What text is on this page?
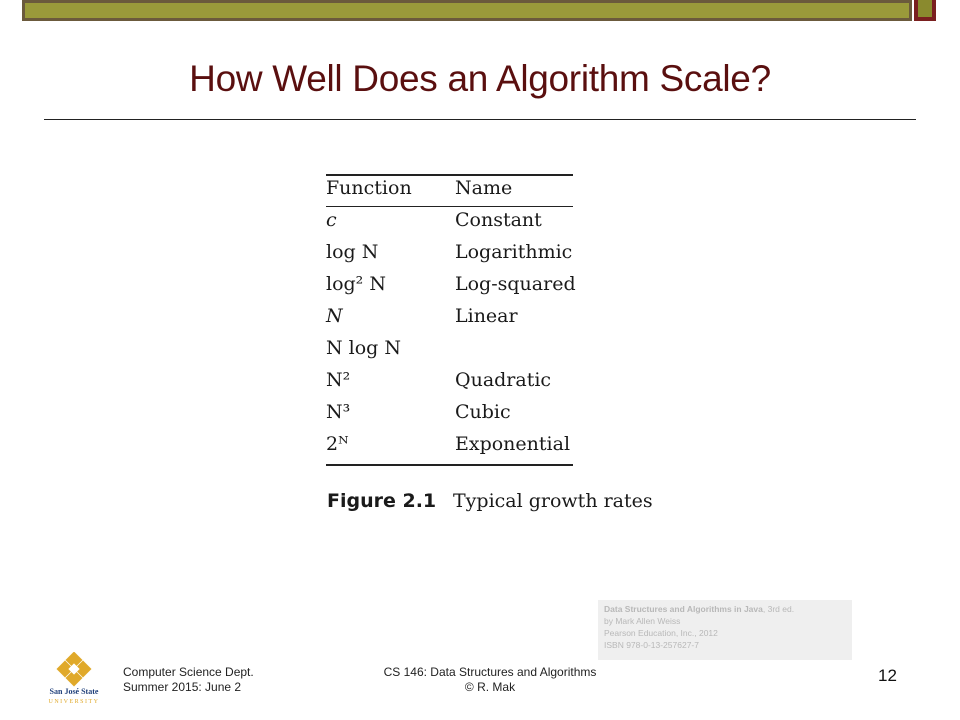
How Well Does an Algorithm Scale?
Function Name
c	Constant
log N	Logarithmic
log² N	Log-squared
N	Linear
N log N
N²	Quadratic
N³	Cubic
2ᴺ	Exponential
Figure 2.1 Typical growth rates
Data Structures and Algorithms in Java, 3rd ed.
by Mark Allen Weiss
Pearson Education, Inc., 2012
ISBN 978-0-13-257627-7
San José State
UNIVERSITY
Computer Science Dept.
Summer 2015: June 2
CS 146: Data Structures and Algorithms
© R. Mak
12
